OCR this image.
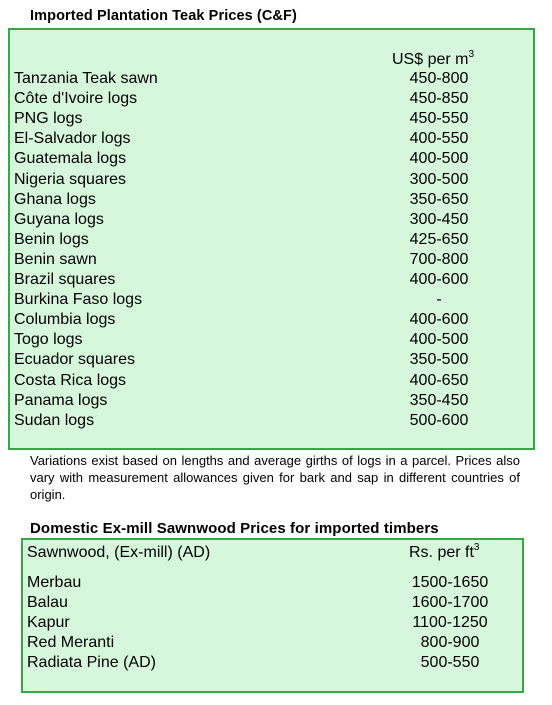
Imported Plantation Teak Prices (C&F)
US$ per $m^3$
Tanzania Teak sawn	450-800
Côte d'Ivoire logs	450-850
PNG logs	450-550
El-Salvador logs	400-550
Guatemala logs	400-500
Nigeria squares	300-500
Ghana logs	350-650
Guyana logs	300-450
Benin logs	425-650
Benin sawn	700-800
Brazil squares	400-600
Burkina Faso logs	-
Columbia logs	400-600
Togo logs	400-500
Ecuador squares	350-500
Costa Rica logs	400-650
Panama logs	350-450
Sudan logs	500-600
Variations exist based on lengths and average girths of logs in a parcel. Prices also vary with measurement allowances given for bark and sap in different countries of origin.
Domestic Ex-mill Sawnwood Prices for imported timbers
Sawnwood, (Ex-mill) (AD)	Rs. per $ft^3$
Merbau	1500-1650
Balau	1600-1700
Kapur	1100-1250
Red Meranti	800-900
Radiata Pine (AD)	500-550
